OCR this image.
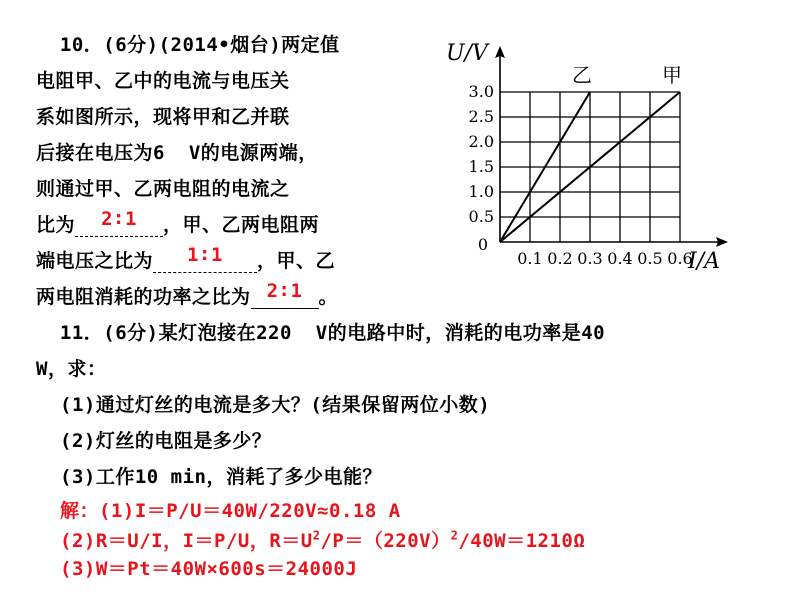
10．(6分)(2014•烟台)两定值
电阻甲、乙中的电流与电压关
系如图所示，现将甲和乙并联
后接在电压为6  V的电源两端，
则通过甲、乙两电阻的电流之
比为	2∶1	，甲、乙两电阻两
端电压之比为	1∶1	，甲、乙
两电阻消耗的功率之比为 2∶1 。
11．(6分)某灯泡接在220  V的电路中时，消耗的电功率是40
W，求：
(1)通过灯丝的电流是多大？(结果保留两位小数)
(2)灯丝的电阻是多少？
(3)工作10 min，消耗了多少电能？
解：(1)I＝P/U＝40W/220V≈0.18 A
(2)R＝U/I，I＝P/U，$R=U^2/P=(220V)^2/40W=1210\Omega$
(3)W＝Pt＝40W×600s＝24000J
0.1 0.2 0.3 0.4 0.5 0.6
0.5
1.0
1.5
2.0
2.5
3.0
0
I/A
U/V
乙	甲
